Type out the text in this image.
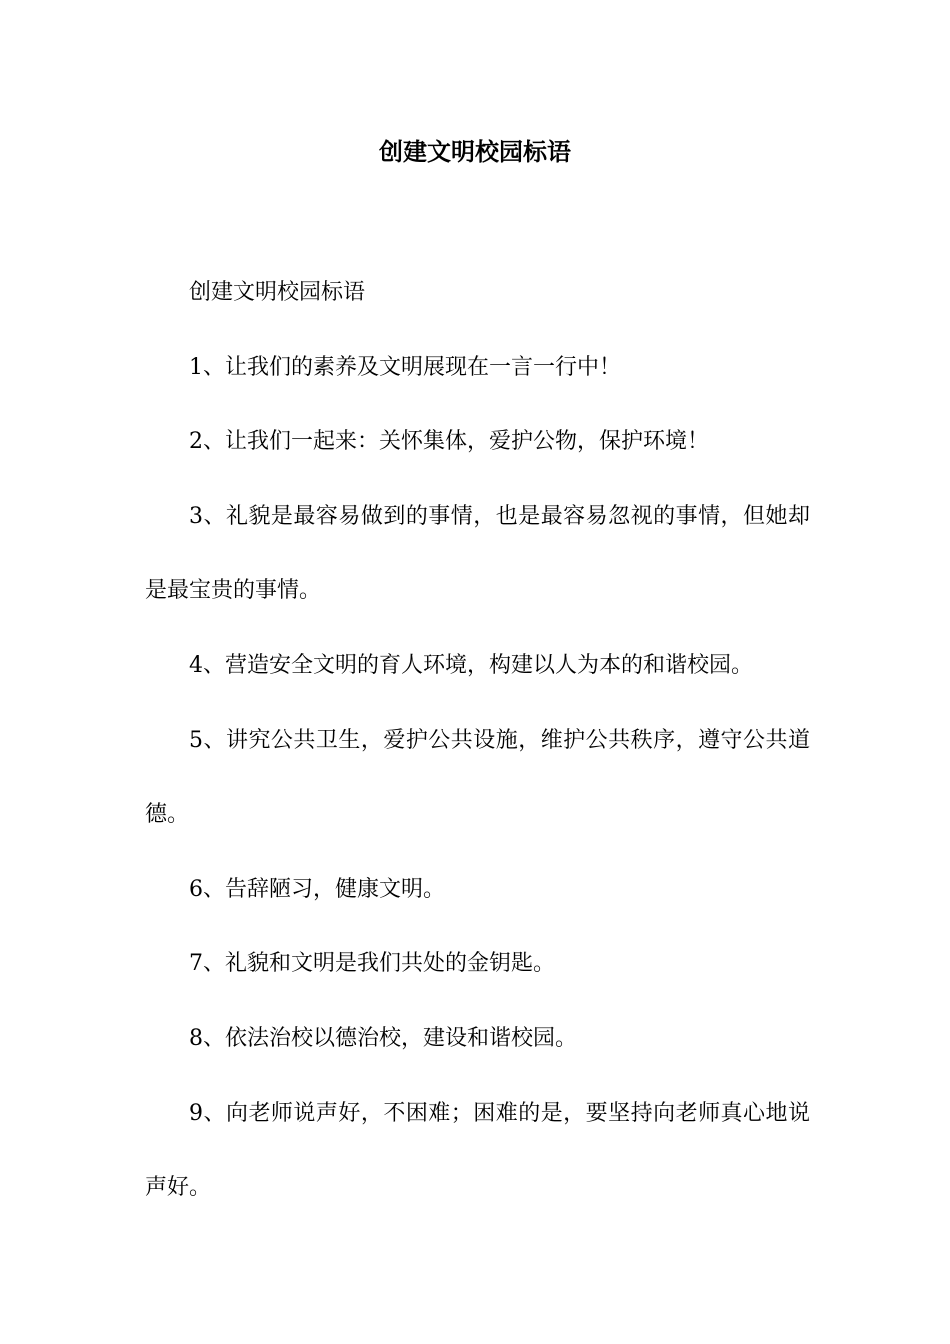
创建文明校园标语

创建文明校园标语

1、让我们的素养及文明展现在一言一行中！

2、让我们一起来：关怀集体，爱护公物，保护环境！

3、礼貌是最容易做到的事情，也是最容易忽视的事情，但她却是最宝贵的事情。

4、营造安全文明的育人环境，构建以人为本的和谐校园。

5、讲究公共卫生，爱护公共设施，维护公共秩序，遵守公共道德。

6、告辞陋习，健康文明。

7、礼貌和文明是我们共处的金钥匙。

8、依法治校以德治校，建设和谐校园。

9、向老师说声好，不困难；困难的是，要坚持向老师真心地说声好。
